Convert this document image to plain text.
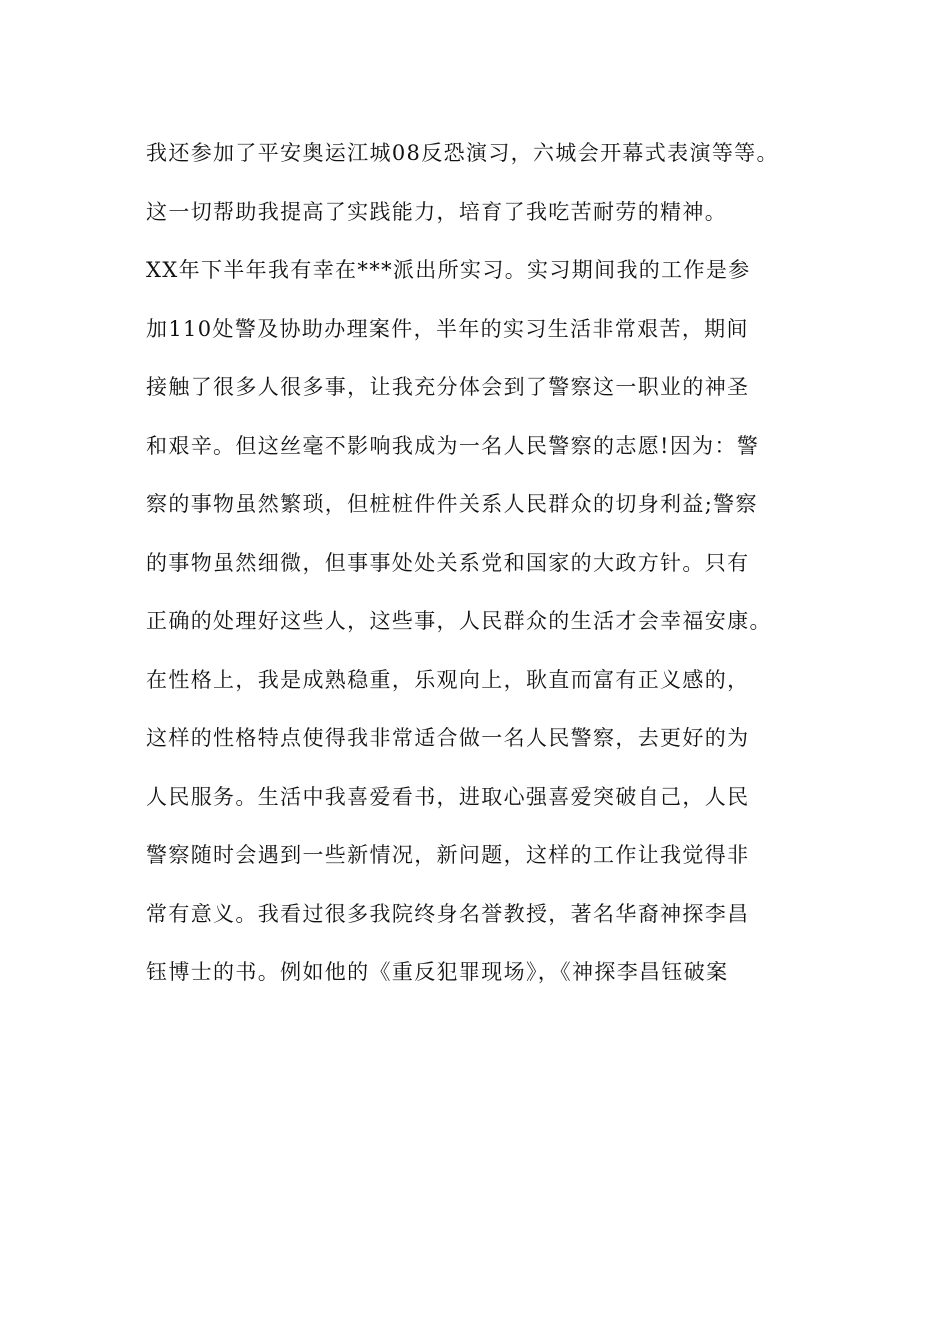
我还参加了平安奥运江城08反恐演习，六城会开幕式表演等等。
这一切帮助我提高了实践能力，培育了我吃苦耐劳的精神。
XX年下半年我有幸在***派出所实习。实习期间我的工作是参
加110处警及协助办理案件，半年的实习生活非常艰苦，期间
接触了很多人很多事，让我充分体会到了警察这一职业的神圣
和艰辛。但这丝毫不影响我成为一名人民警察的志愿!因为：警
察的事物虽然繁琐，但桩桩件件关系人民群众的切身利益;警察
的事物虽然细微，但事事处处关系党和国家的大政方针。只有
正确的处理好这些人，这些事，人民群众的生活才会幸福安康。
在性格上，我是成熟稳重，乐观向上，耿直而富有正义感的，
这样的性格特点使得我非常适合做一名人民警察，去更好的为
人民服务。生活中我喜爱看书，进取心强喜爱突破自己，人民
警察随时会遇到一些新情况，新问题，这样的工作让我觉得非
常有意义。我看过很多我院终身名誉教授，著名华裔神探李昌
钰博士的书。例如他的《重反犯罪现场》，《神探李昌钰破案
